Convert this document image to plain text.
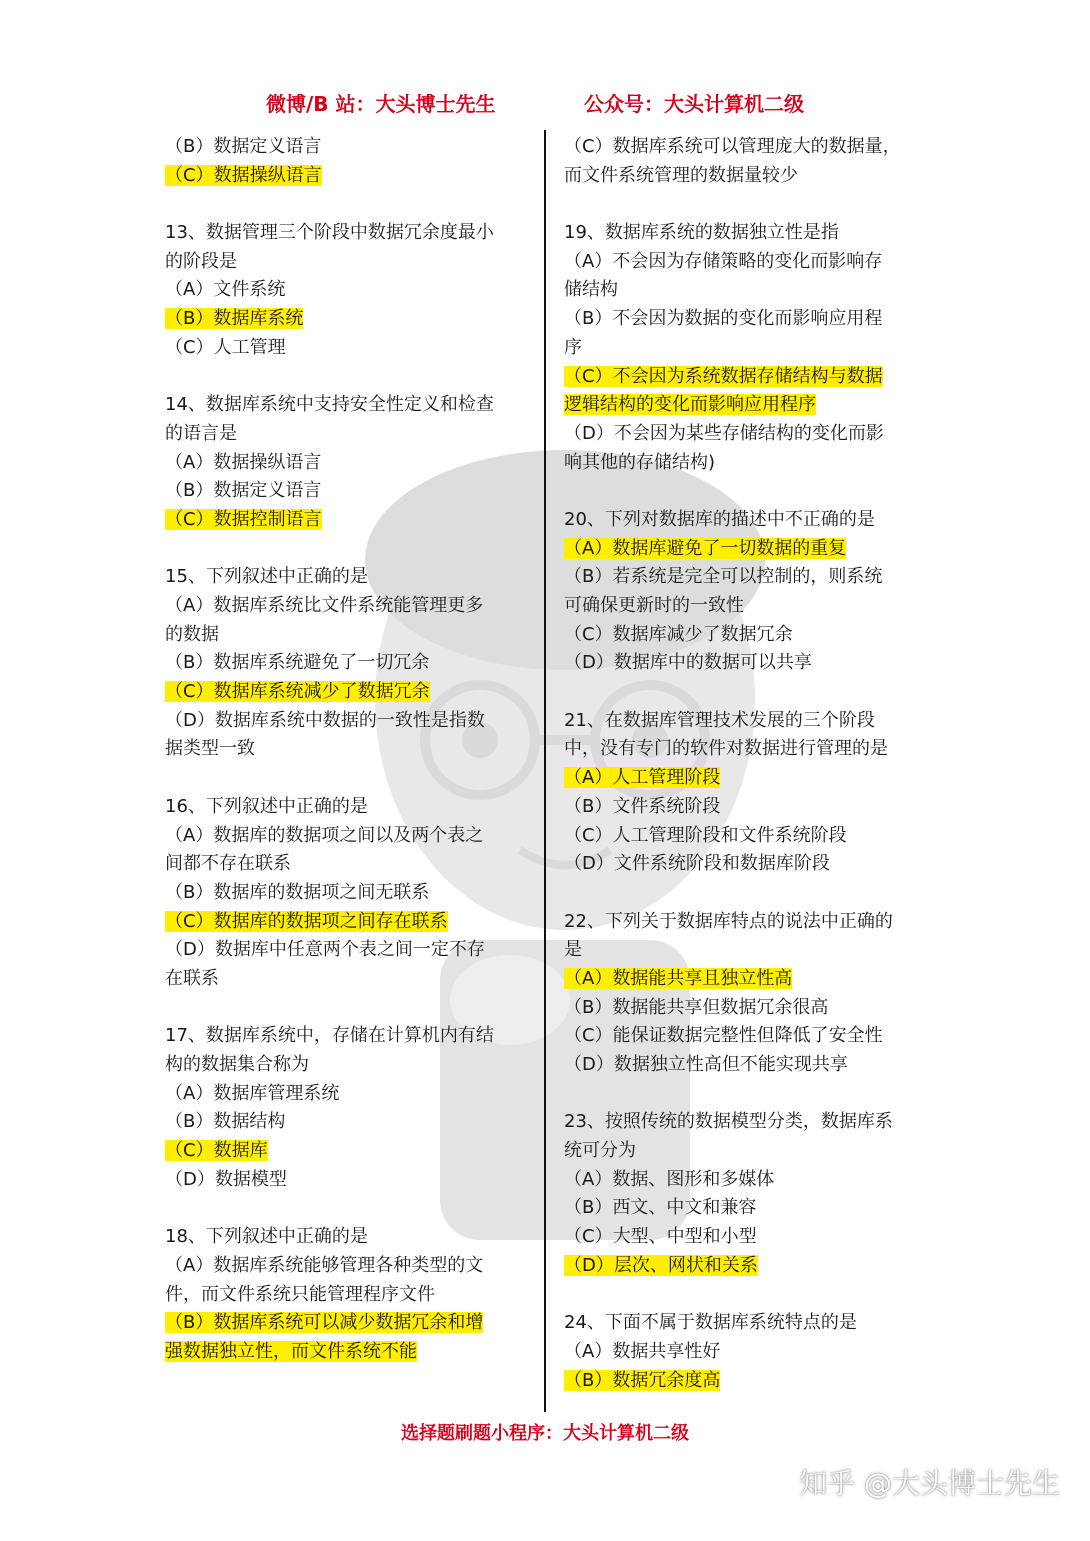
微博/B 站：大头博士先生	公众号：大头计算机二级
（B）数据定义语言
（C）数据操纵语言
13、数据管理三个阶段中数据冗余度最小
的阶段是
（A）文件系统
（B）数据库系统
（C）人工管理
14、数据库系统中支持安全性定义和检查
的语言是
（A）数据操纵语言
（B）数据定义语言
（C）数据控制语言
15、下列叙述中正确的是
（A）数据库系统比文件系统能管理更多
的数据
（B）数据库系统避免了一切冗余
（C）数据库系统减少了数据冗余
（D）数据库系统中数据的一致性是指数
据类型一致
16、下列叙述中正确的是
（A）数据库的数据项之间以及两个表之
间都不存在联系
（B）数据库的数据项之间无联系
（C）数据库的数据项之间存在联系
（D）数据库中任意两个表之间一定不存
在联系
17、数据库系统中，存储在计算机内有结
构的数据集合称为
（A）数据库管理系统
（B）数据结构
（C）数据库
（D）数据模型
18、下列叙述中正确的是
（A）数据库系统能够管理各种类型的文
件，而文件系统只能管理程序文件
（B）数据库系统可以减少数据冗余和增
强数据独立性，而文件系统不能
（C）数据库系统可以管理庞大的数据量，
而文件系统管理的数据量较少
19、数据库系统的数据独立性是指
（A）不会因为存储策略的变化而影响存
储结构
（B）不会因为数据的变化而影响应用程
序
（C）不会因为系统数据存储结构与数据
逻辑结构的变化而影响应用程序
（D）不会因为某些存储结构的变化而影
响其他的存储结构)
20、下列对数据库的描述中不正确的是
（A）数据库避免了一切数据的重复
（B）若系统是完全可以控制的，则系统
可确保更新时的一致性
（C）数据库减少了数据冗余
（D）数据库中的数据可以共享
21、在数据库管理技术发展的三个阶段
中，没有专门的软件对数据进行管理的是
（A）人工管理阶段
（B）文件系统阶段
（C）人工管理阶段和文件系统阶段
（D）文件系统阶段和数据库阶段
22、下列关于数据库特点的说法中正确的
是
（A）数据能共享且独立性高
（B）数据能共享但数据冗余很高
（C）能保证数据完整性但降低了安全性
（D）数据独立性高但不能实现共享
23、按照传统的数据模型分类，数据库系
统可分为
（A）数据、图形和多媒体
（B）西文、中文和兼容
（C）大型、中型和小型
（D）层次、网状和关系
24、下面不属于数据库系统特点的是
（A）数据共享性好
（B）数据冗余度高
选择题刷题小程序：大头计算机二级
知乎 @大头博士先生
